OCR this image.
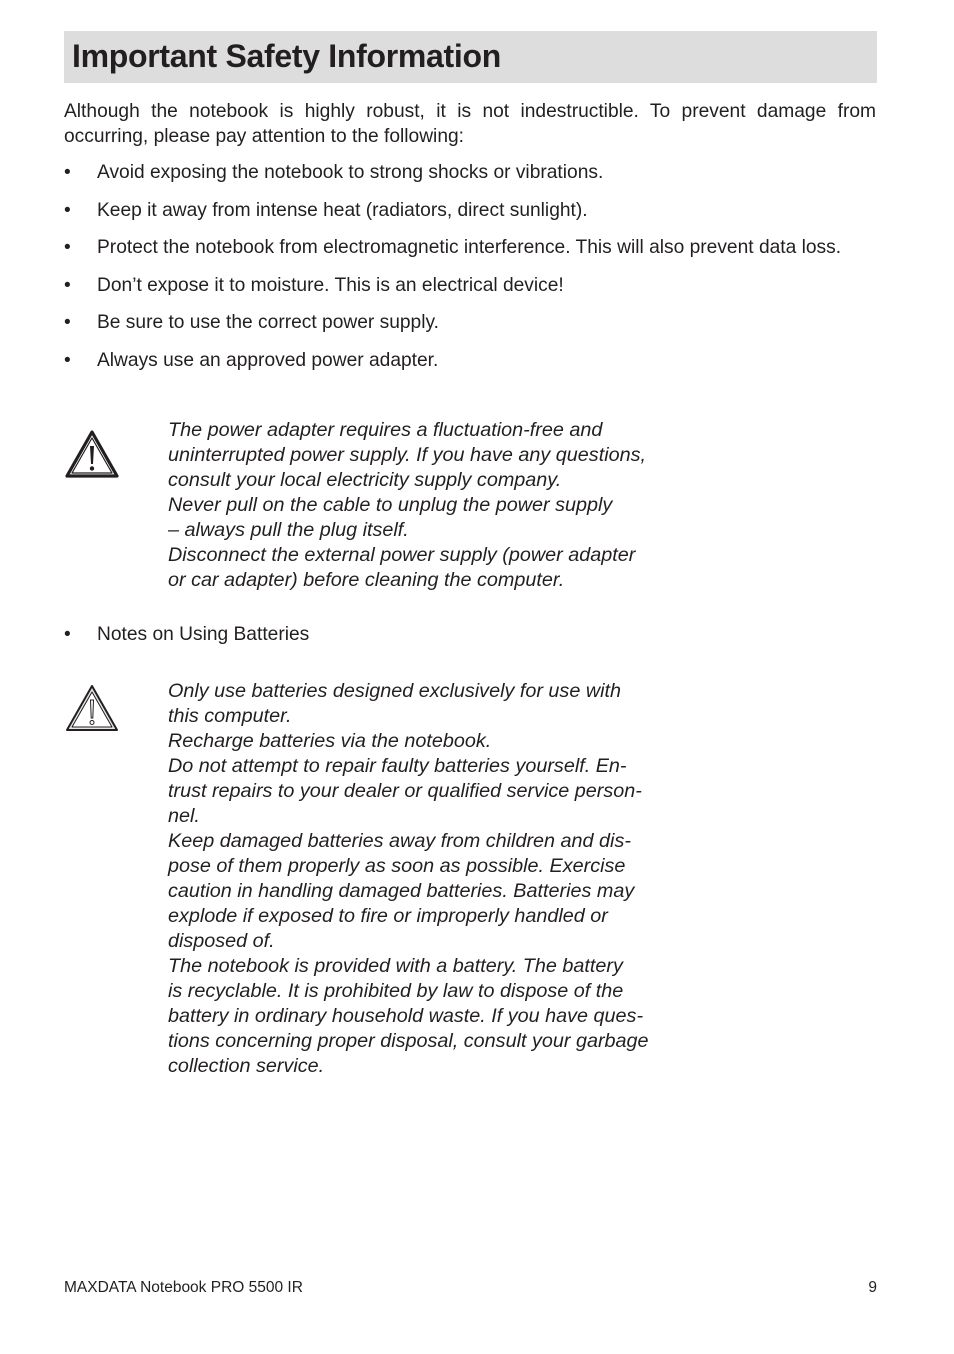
Important Safety Information

Although the notebook is highly robust, it is not indestructible. To prevent damage from occurring, please pay attention to the following:

• Avoid exposing the notebook to strong shocks or vibrations.
• Keep it away from intense heat (radiators, direct sunlight).
• Protect the notebook from electromagnetic interference. This will also prevent data loss.
• Don’t expose it to moisture. This is an electrical device!
• Be sure to use the correct power supply.
• Always use an approved power adapter.

The power adapter requires a fluctuation-free and
uninterrupted power supply. If you have any questions,
consult your local electricity supply company.

Never pull on the cable to unplug the power supply
– always pull the plug itself.

Disconnect the external power supply (power adapter
or car adapter) before cleaning the computer.

• Notes on Using Batteries

Only use batteries designed exclusively for use with
this computer.

Recharge batteries via the notebook.

Do not attempt to repair faulty batteries yourself. En-
trust repairs to your dealer or qualified service person-
nel.

Keep damaged batteries away from children and dis-
pose of them properly as soon as possible. Exercise
caution in handling damaged batteries. Batteries may
explode if exposed to fire or improperly handled or
disposed of.

The notebook is provided with a battery. The battery
is recyclable. It is prohibited by law to dispose of the
battery in ordinary household waste. If you have ques-
tions concerning proper disposal, consult your garbage
collection service.

MAXDATA Notebook PRO 5500 IR	9
